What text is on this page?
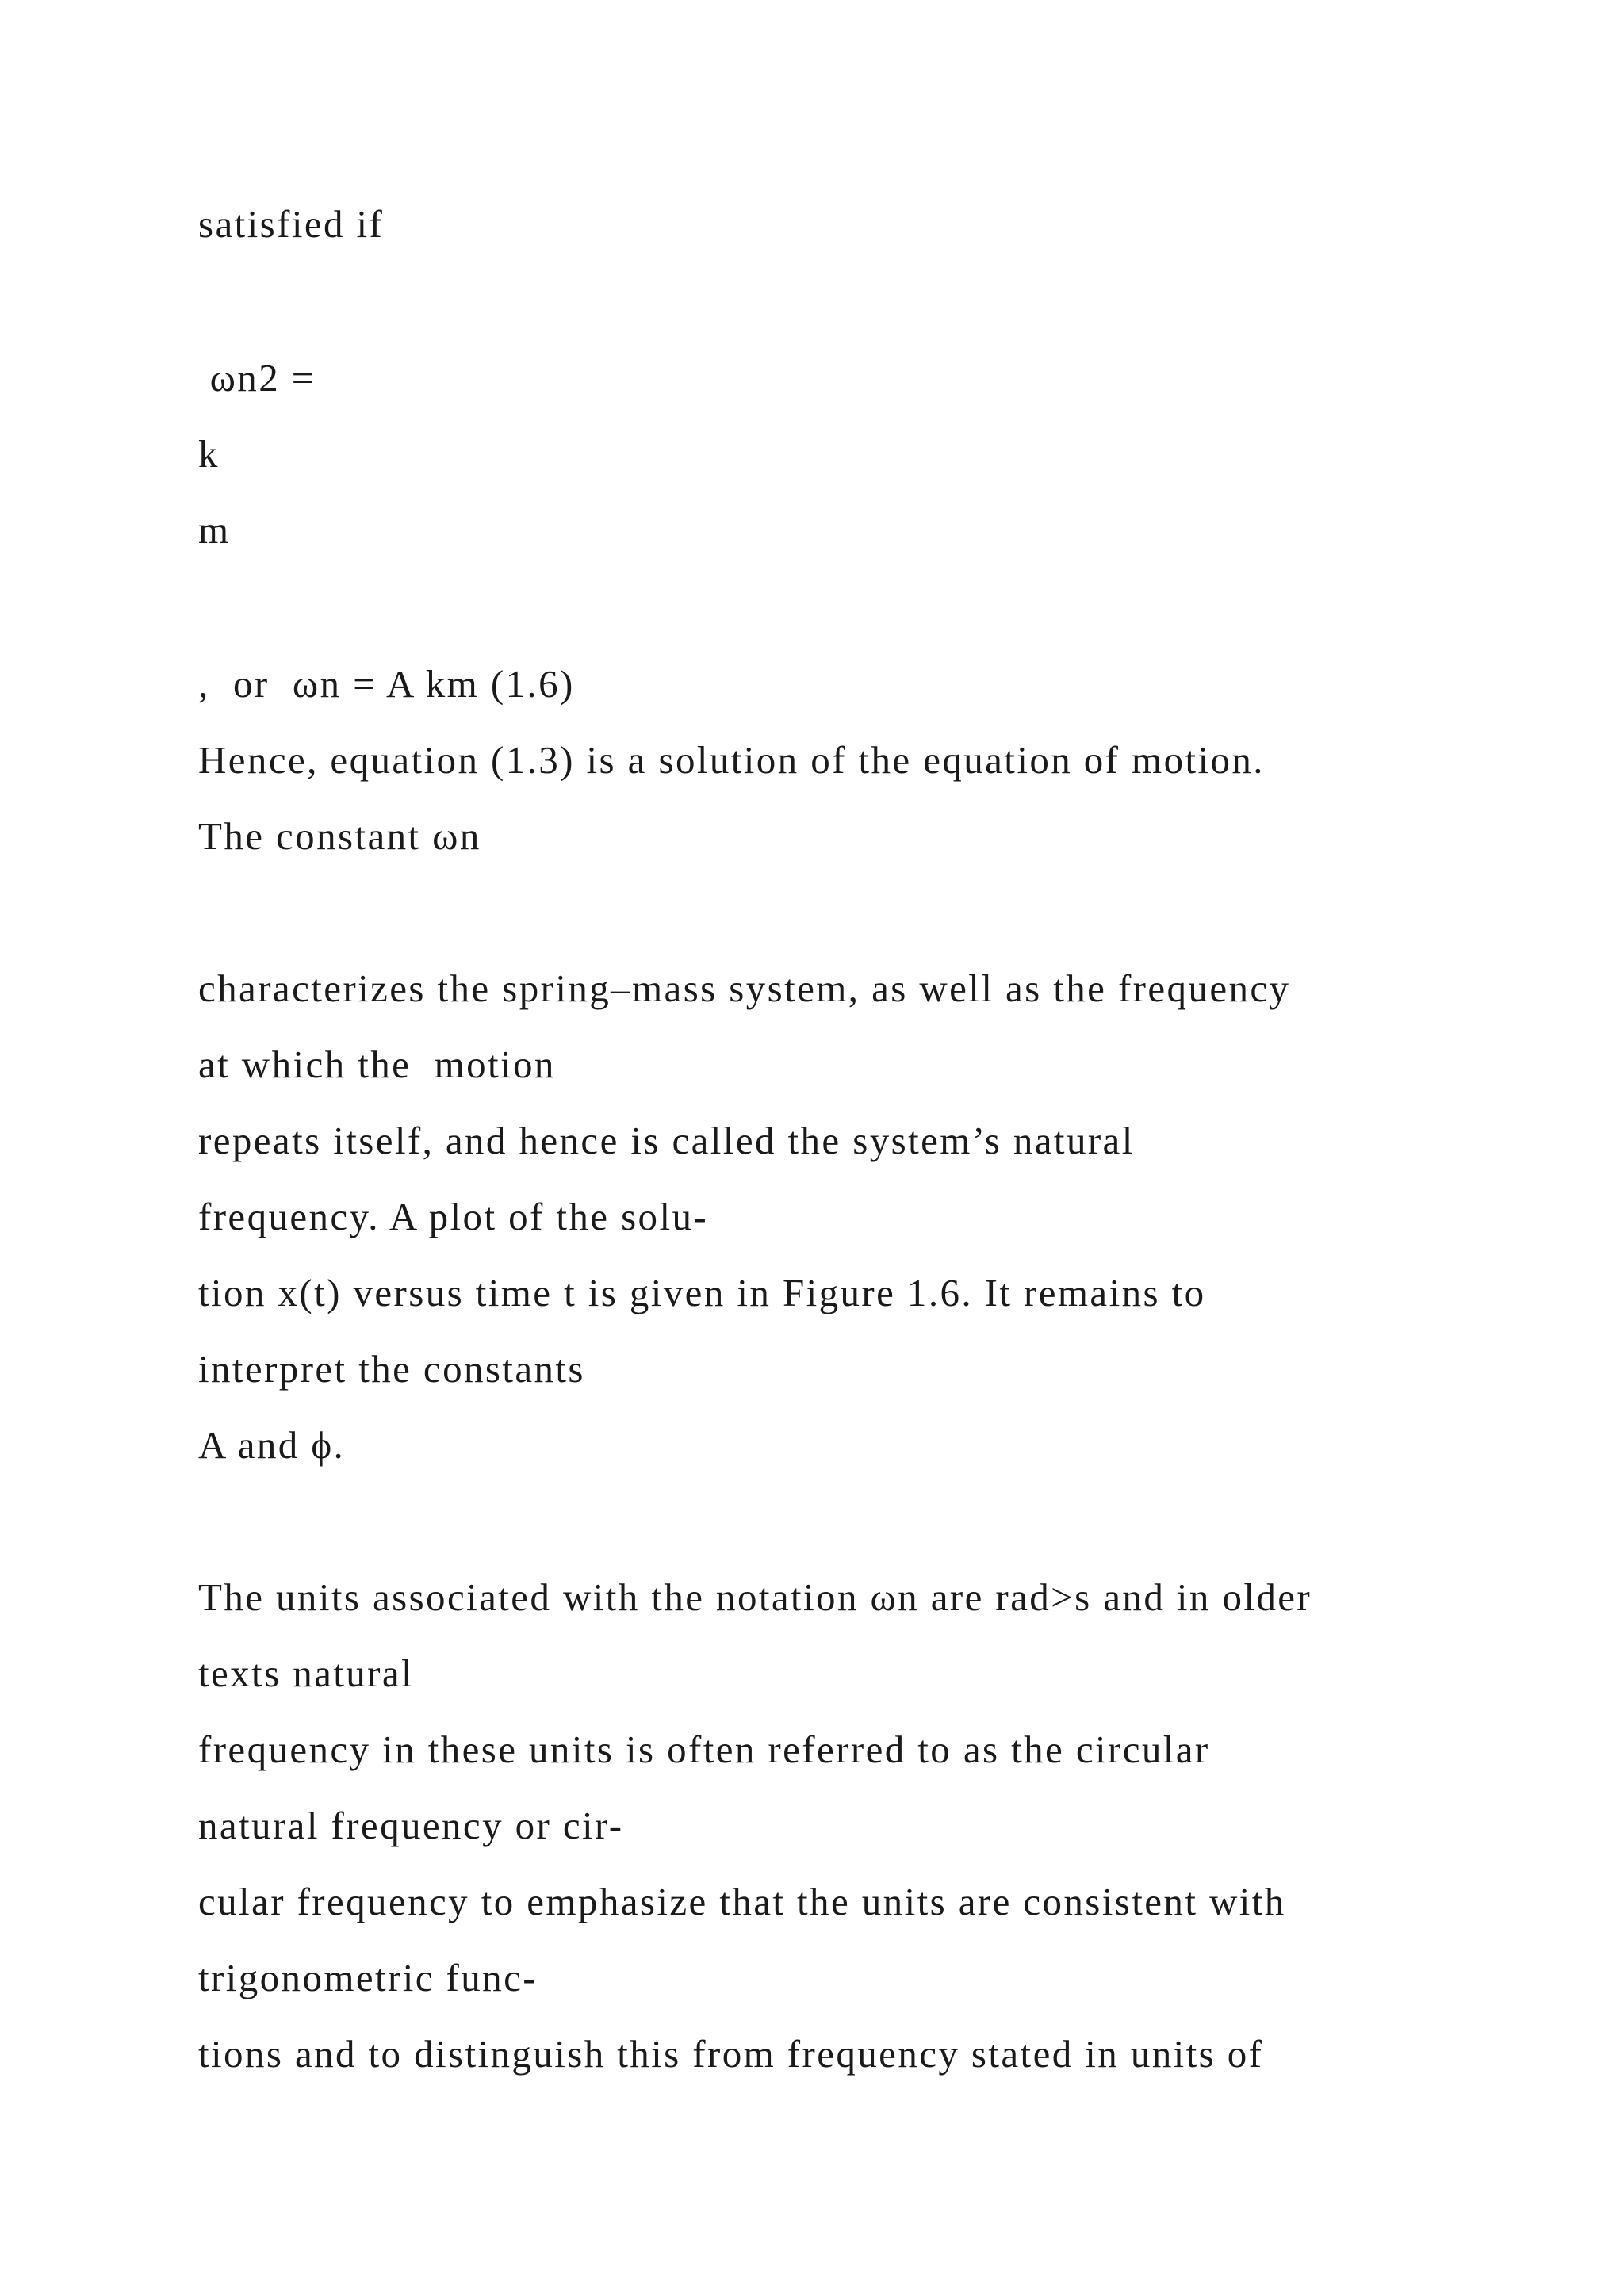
satisfied if
ωn2 =
k
m
,  or  ωn = A km (1.6)
Hence, equation (1.3) is a solution of the equation of motion.
The constant ωn
characterizes the spring–mass system, as well as the frequency
at which the  motion
repeats itself, and hence is called the system’s natural
frequency. A plot of the solu-
tion x(t) versus time t is given in Figure 1.6. It remains to
interpret the constants
A and ϕ.
The units associated with the notation ωn are rad>s and in older
texts natural
frequency in these units is often referred to as the circular
natural frequency or cir-
cular frequency to emphasize that the units are consistent with
trigonometric func-
tions and to distinguish this from frequency stated in units of
